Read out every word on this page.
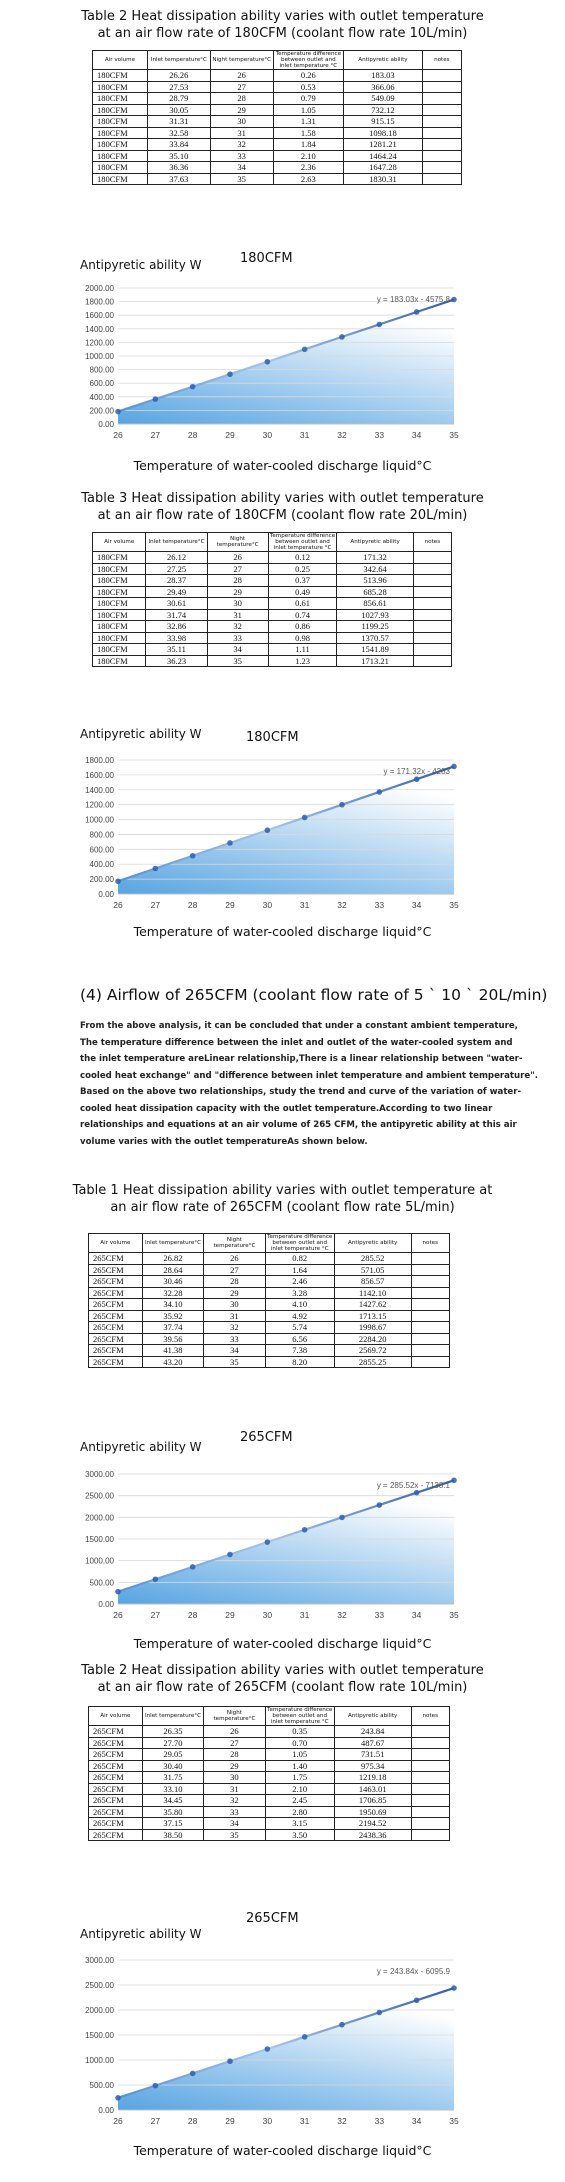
Table 2 Heat dissipation ability varies with outlet temperature
at an air flow rate of 180CFM (coolant flow rate 10L/min)
Air volume	Inlet temperature°C	Night temperature°C	Temperature difference between outlet and inlet temperature °C	Antipyretic ability	notes
180CFM	26.26	26	0.26	183.03	
180CFM	27.53	27	0.53	366.06	
180CFM	28.79	28	0.79	549.09	
180CFM	30.05	29	1.05	732.12	
180CFM	31.31	30	1.31	915.15	
180CFM	32.58	31	1.58	1098.18	
180CFM	33.84	32	1.84	1281.21	
180CFM	35.10	33	2.10	1464.24	
180CFM	36.36	34	2.36	1647.28	
180CFM	37.63	35	2.63	1830.31	
Antipyretic ability W	180CFM
0.00
200.00
400.00
600.00
800.00
1000.00
1200.00
1400.00
1600.00
1800.00
2000.00
26	27	28	29	30	31	32	33	34	35
y = 183.03x - 4575.8
Temperature of water-cooled discharge liquid°C
Table 3 Heat dissipation ability varies with outlet temperature
at an air flow rate of 180CFM (coolant flow rate 20L/min)
Air volume	Inlet temperature°C	Night temperature°C	Temperature difference between outlet and inlet temperature °C	Antipyretic ability	notes
180CFM	26.12	26	0.12	171.32	
180CFM	27.25	27	0.25	342.64	
180CFM	28.37	28	0.37	513.96	
180CFM	29.49	29	0.49	685.28	
180CFM	30.61	30	0.61	856.61	
180CFM	31.74	31	0.74	1027.93	
180CFM	32.86	32	0.86	1199.25	
180CFM	33.98	33	0.98	1370.57	
180CFM	35.11	34	1.11	1541.89	
180CFM	36.23	35	1.23	1713.21	
Antipyretic ability W	180CFM
0.00
200.00
400.00
600.00
800.00
1000.00
1200.00
1400.00
1600.00
1800.00
26	27	28	29	30	31	32	33	34	35
y = 171.32x - 4283
Temperature of water-cooled discharge liquid°C
(4) Airflow of 265CFM (coolant flow rate of 5 ` 10 ` 20L/min)
From the above analysis, it can be concluded that under a constant ambient temperature,
The temperature difference between the inlet and outlet of the water-cooled system and
the inlet temperature areLinear relationship,There is a linear relationship between "water-
cooled heat exchange" and "difference between inlet temperature and ambient temperature".
Based on the above two relationships, study the trend and curve of the variation of water-
cooled heat dissipation capacity with the outlet temperature.According to two linear
relationships and equations at an air volume of 265 CFM, the antipyretic ability at this air
volume varies with the outlet temperatureAs shown below.
Table 1 Heat dissipation ability varies with outlet temperature at
an air flow rate of 265CFM (coolant flow rate 5L/min)
Air volume	Inlet temperature°C	Night temperature°C	Temperature difference between outlet and inlet temperature °C	Antipyretic ability	notes
265CFM	26.82	26	0.82	285.52	
265CFM	28.64	27	1.64	571.05	
265CFM	30.46	28	2.46	856.57	
265CFM	32.28	29	3.28	1142.10	
265CFM	34.10	30	4.10	1427.62	
265CFM	35.92	31	4.92	1713.15	
265CFM	37.74	32	5.74	1998.67	
265CFM	39.56	33	6.56	2284.20	
265CFM	41.38	34	7.38	2569.72	
265CFM	43.20	35	8.20	2855.25	
Antipyretic ability W
265CFM
0.00
500.00
1000.00
1500.00
2000.00
2500.00
3000.00
26	27	28	29	30	31	32	33	34	35
y = 285.52x - 7138.1
Temperature of water-cooled discharge liquid°C
Table 2 Heat dissipation ability varies with outlet temperature
at an air flow rate of 265CFM (coolant flow rate 10L/min)
Air volume	Inlet temperature°C	Night temperature°C	Temperature difference between outlet and inlet temperature °C	Antipyretic ability	notes
265CFM	26.35	26	0.35	243.84	
265CFM	27.70	27	0.70	487.67	
265CFM	29.05	28	1.05	731.51	
265CFM	30.40	29	1.40	975.34	
265CFM	31.75	30	1.75	1219.18	
265CFM	33.10	31	2.10	1463.01	
265CFM	34.45	32	2.45	1706.85	
265CFM	35.80	33	2.80	1950.69	
265CFM	37.15	34	3.15	2194.52	
265CFM	38.50	35	3.50	2438.36	
Antipyretic ability W
265CFM
0.00
500.00
1000.00
1500.00
2000.00
2500.00
3000.00
26	27	28	29	30	31	32	33	34	35
y = 243.84x - 6095.9
Temperature of water-cooled discharge liquid°C
